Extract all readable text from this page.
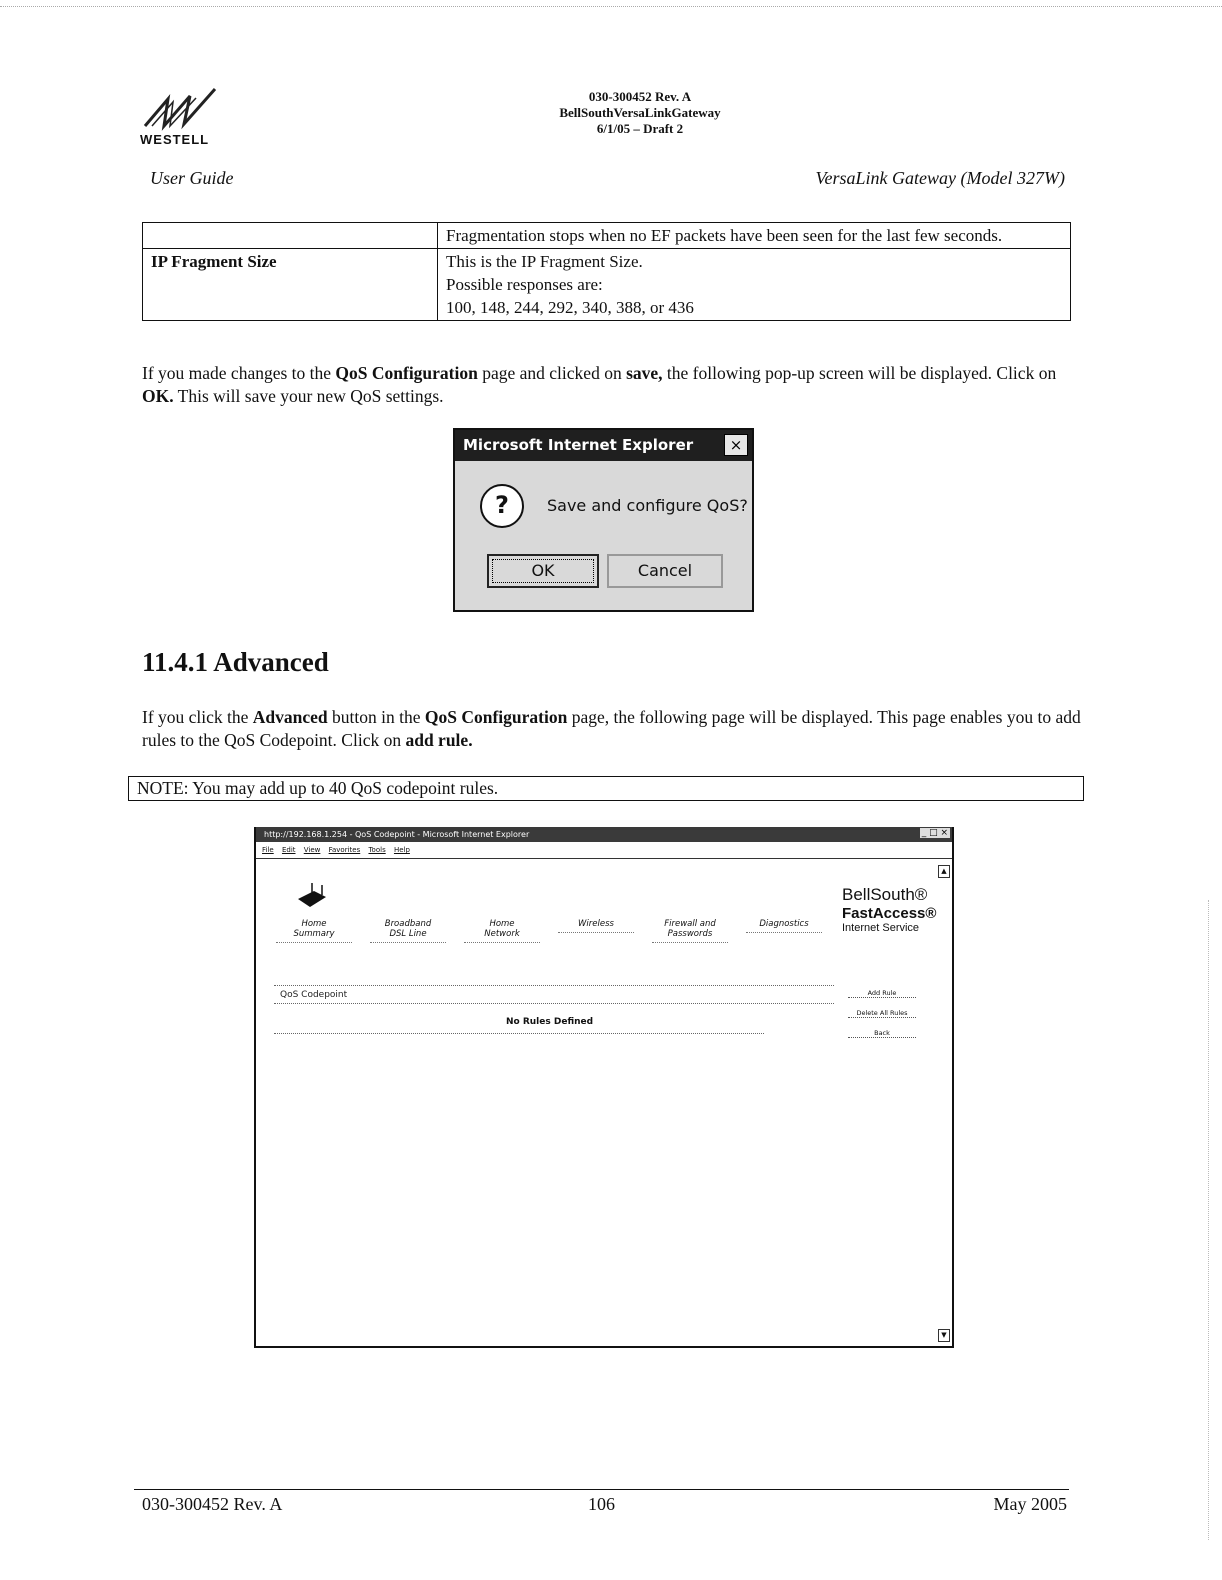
WESTELL
030-300452 Rev. A
BellSouthVersaLinkGateway
6/1/05 – Draft 2
User Guide	VersaLink Gateway (Model 327W)
	Fragmentation stops when no EF packets have been seen for the last few seconds.
IP Fragment Size	This is the IP Fragment Size.
Possible responses are:
100, 148, 244, 292, 340, 388, or 436
If you made changes to the QoS Configuration page and clicked on save, the following pop-up screen will be displayed. Click on OK. This will save your new QoS settings.
Microsoft Internet Explorer	×
?	Save and configure QoS?
OK	Cancel
11.4.1 Advanced
If you click the Advanced button in the QoS Configuration page, the following page will be displayed. This page enables you to add rules to the QoS Codepoint. Click on add rule.
NOTE: You may add up to 40 QoS codepoint rules.
http://192.168.1.254 - QoS Codepoint - Microsoft Internet Explorer	_ □ ×
File Edit View Favorites Tools Help
▲
▼
Home
Summary
Broadband
DSL Line
Home
Network
Wireless	Firewall and
Passwords
Diagnostics
BellSouth®
FastAccess®
Internet Service
QoS Codepoint
No Rules Defined
Add Rule
Delete All Rules
Back
030-300452 Rev. A	106	May 2005
